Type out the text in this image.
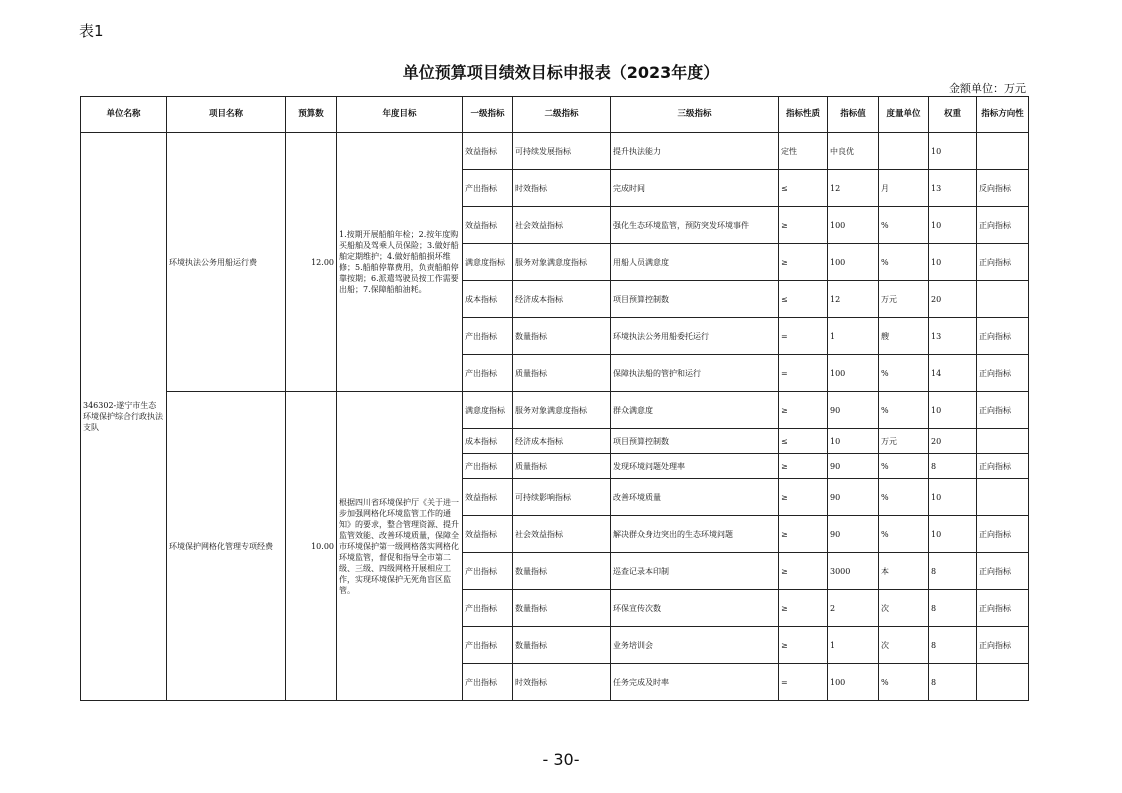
表1
单位预算项目绩效目标申报表（2023年度）
金额单位：万元
单位名称	项目名称	预算数	年度目标	一级指标	二级指标	三级指标	指标性质	指标值	度量单位	权重	指标方向性
346302-遂宁市生态环境保护综合行政执法支队	环境执法公务用船运行费	12.00	1.按期开展船舶年检；2.按年度购买船舶及驾乘人员保险；3.做好船舶定期维护；4.做好船舶损坏维修；5.船舶停靠费用，负责船舶停靠按期；6.派遣驾驶员按工作需要出船；7.保障船舶油耗。	效益指标	可持续发展指标	提升执法能力	定性	中良优		10	
				产出指标	时效指标	完成时间	≤	12	月	13	反向指标
				效益指标	社会效益指标	强化生态环境监管，预防突发环境事件	≥	100	%	10	正向指标
				满意度指标	服务对象满意度指标	用船人员满意度	≥	100	%	10	正向指标
				成本指标	经济成本指标	项目预算控制数	≤	12	万元	20	
				产出指标	数量指标	环境执法公务用船委托运行	=	1	艘	13	正向指标
				产出指标	质量指标	保障执法船的管护和运行	=	100	%	14	正向指标
	环境保护网格化管理专项经费	10.00	根据四川省环境保护厅《关于进一步加强网格化环境监管工作的通知》的要求，整合管理资源、提升监管效能、改善环境质量，保障全市环境保护第一级网格落实网格化环境监管，督促和指导全市第二级、三级、四级网格开展相应工作，实现环境保护无死角盲区监管。	满意度指标	服务对象满意度指标	群众满意度	≥	90	%	10	正向指标
				成本指标	经济成本指标	项目预算控制数	≤	10	万元	20	
				产出指标	质量指标	发现环境问题处理率	≥	90	%	8	正向指标
				效益指标	可持续影响指标	改善环境质量	≥	90	%	10	
				效益指标	社会效益指标	解决群众身边突出的生态环境问题	≥	90	%	10	正向指标
				产出指标	数量指标	巡查记录本印制	≥	3000	本	8	正向指标
				产出指标	数量指标	环保宣传次数	≥	2	次	8	正向指标
				产出指标	数量指标	业务培训会	≥	1	次	8	正向指标
				产出指标	时效指标	任务完成及时率	=	100	%	8	
- 30-
